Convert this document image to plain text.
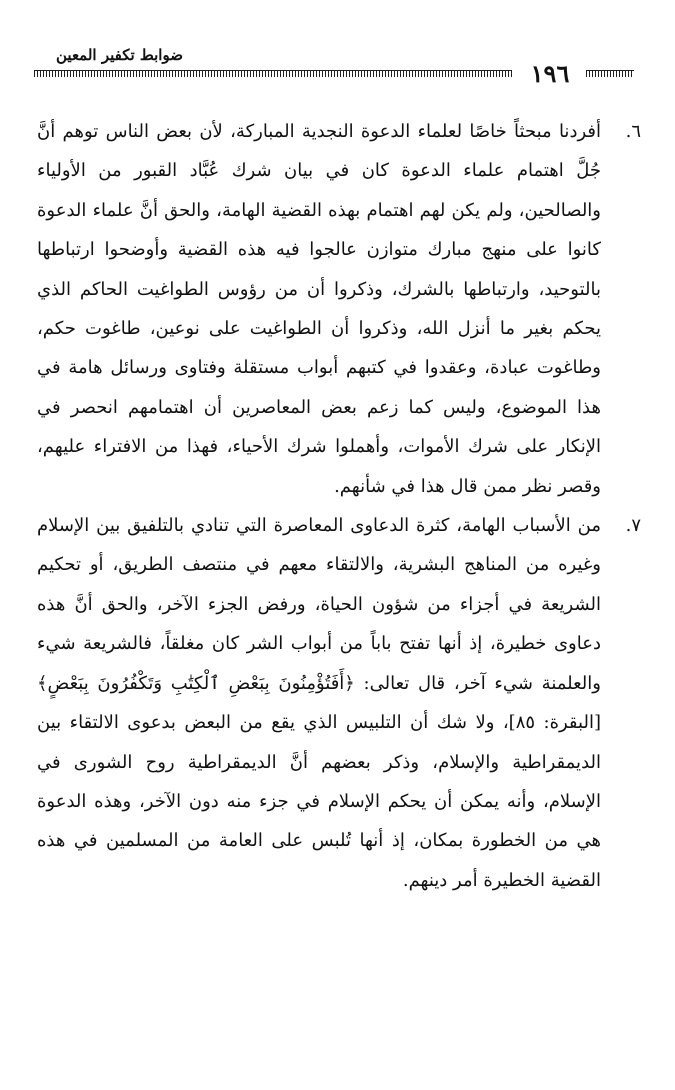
ضوابط تكفير المعين
١٩٦
٦.
أفردنا مبحثاً خاصًا لعلماء الدعوة النجدية المباركة، لأن بعض الناس توهم أنَّ جُلَّ اهتمام علماء الدعوة كان في بيان شرك عُبَّاد القبور من الأولياء والصالحين، ولم يكن لهم اهتمام بهذه القضية الهامة، والحق أنَّ علماء الدعوة كانوا على منهج مبارك متوازن عالجوا فيه هذه القضية وأوضحوا ارتباطها بالتوحيد، وارتباطها بالشرك، وذكروا أن من رؤوس الطواغيت الحاكم الذي يحكم بغير ما أنزل الله، وذكروا أن الطواغيت على نوعين، طاغوت حكم، وطاغوت عبادة، وعقدوا في كتبهم أبواب مستقلة وفتاوى ورسائل هامة في هذا الموضوع، وليس كما زعم بعض المعاصرين أن اهتمامهم انحصر في الإنكار على شرك الأموات، وأهملوا شرك الأحياء، فهذا من الافتراء عليهم، وقصر نظر ممن قال هذا في شأنهم.
٧.
من الأسباب الهامة، كثرة الدعاوى المعاصرة التي تنادي بالتلفيق بين الإسلام وغيره من المناهج البشرية، والالتقاء معهم في منتصف الطريق، أو تحكيم الشريعة في أجزاء من شؤون الحياة، ورفض الجزء الآخر، والحق أنَّ هذه دعاوى خطيرة، إذ أنها تفتح باباً من أبواب الشر كان مغلقاً، فالشريعة شيء والعلمنة شيء آخر، قال تعالى: ﴿أَفَتُؤْمِنُونَ بِبَعْضِ ٱلْكِتَٰبِ وَتَكْفُرُونَ بِبَعْضٍ﴾ [البقرة: ٨٥]، ولا شك أن التلبيس الذي يقع من البعض بدعوى الالتقاء بين الديمقراطية والإسلام، وذكر بعضهم أنَّ الديمقراطية روح الشورى في الإسلام، وأنه يمكن أن يحكم الإسلام في جزء منه دون الآخر، وهذه الدعوة هي من الخطورة بمكان، إذ أنها تُلبس على العامة من المسلمين في هذه القضية الخطيرة أمر دينهم.
